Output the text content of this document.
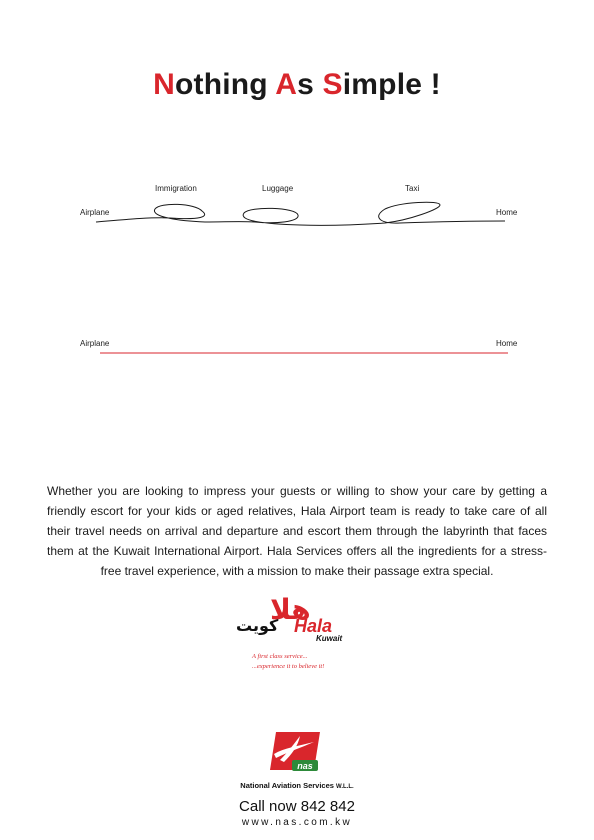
Nothing As Simple !
Immigration	Luggage	Taxi
Airplane	Home
Airplane	Home

Whether you are looking to impress your guests or willing to show your care by getting a friendly escort for your kids or aged relatives, Hala Airport team is ready to take care of all their travel needs on arrival and departure and escort them through the labyrinth that faces them at the Kuwait International Airport. Hala Services offers all the ingredients for a stress-free travel experience, with a mission to make their passage extra special.

هلا
كويت Hala
Kuwait
A first class service...
...experience it to believe it!
nas
National Aviation Services W.L.L.
Call now 842 842
www.nas.com.kw
